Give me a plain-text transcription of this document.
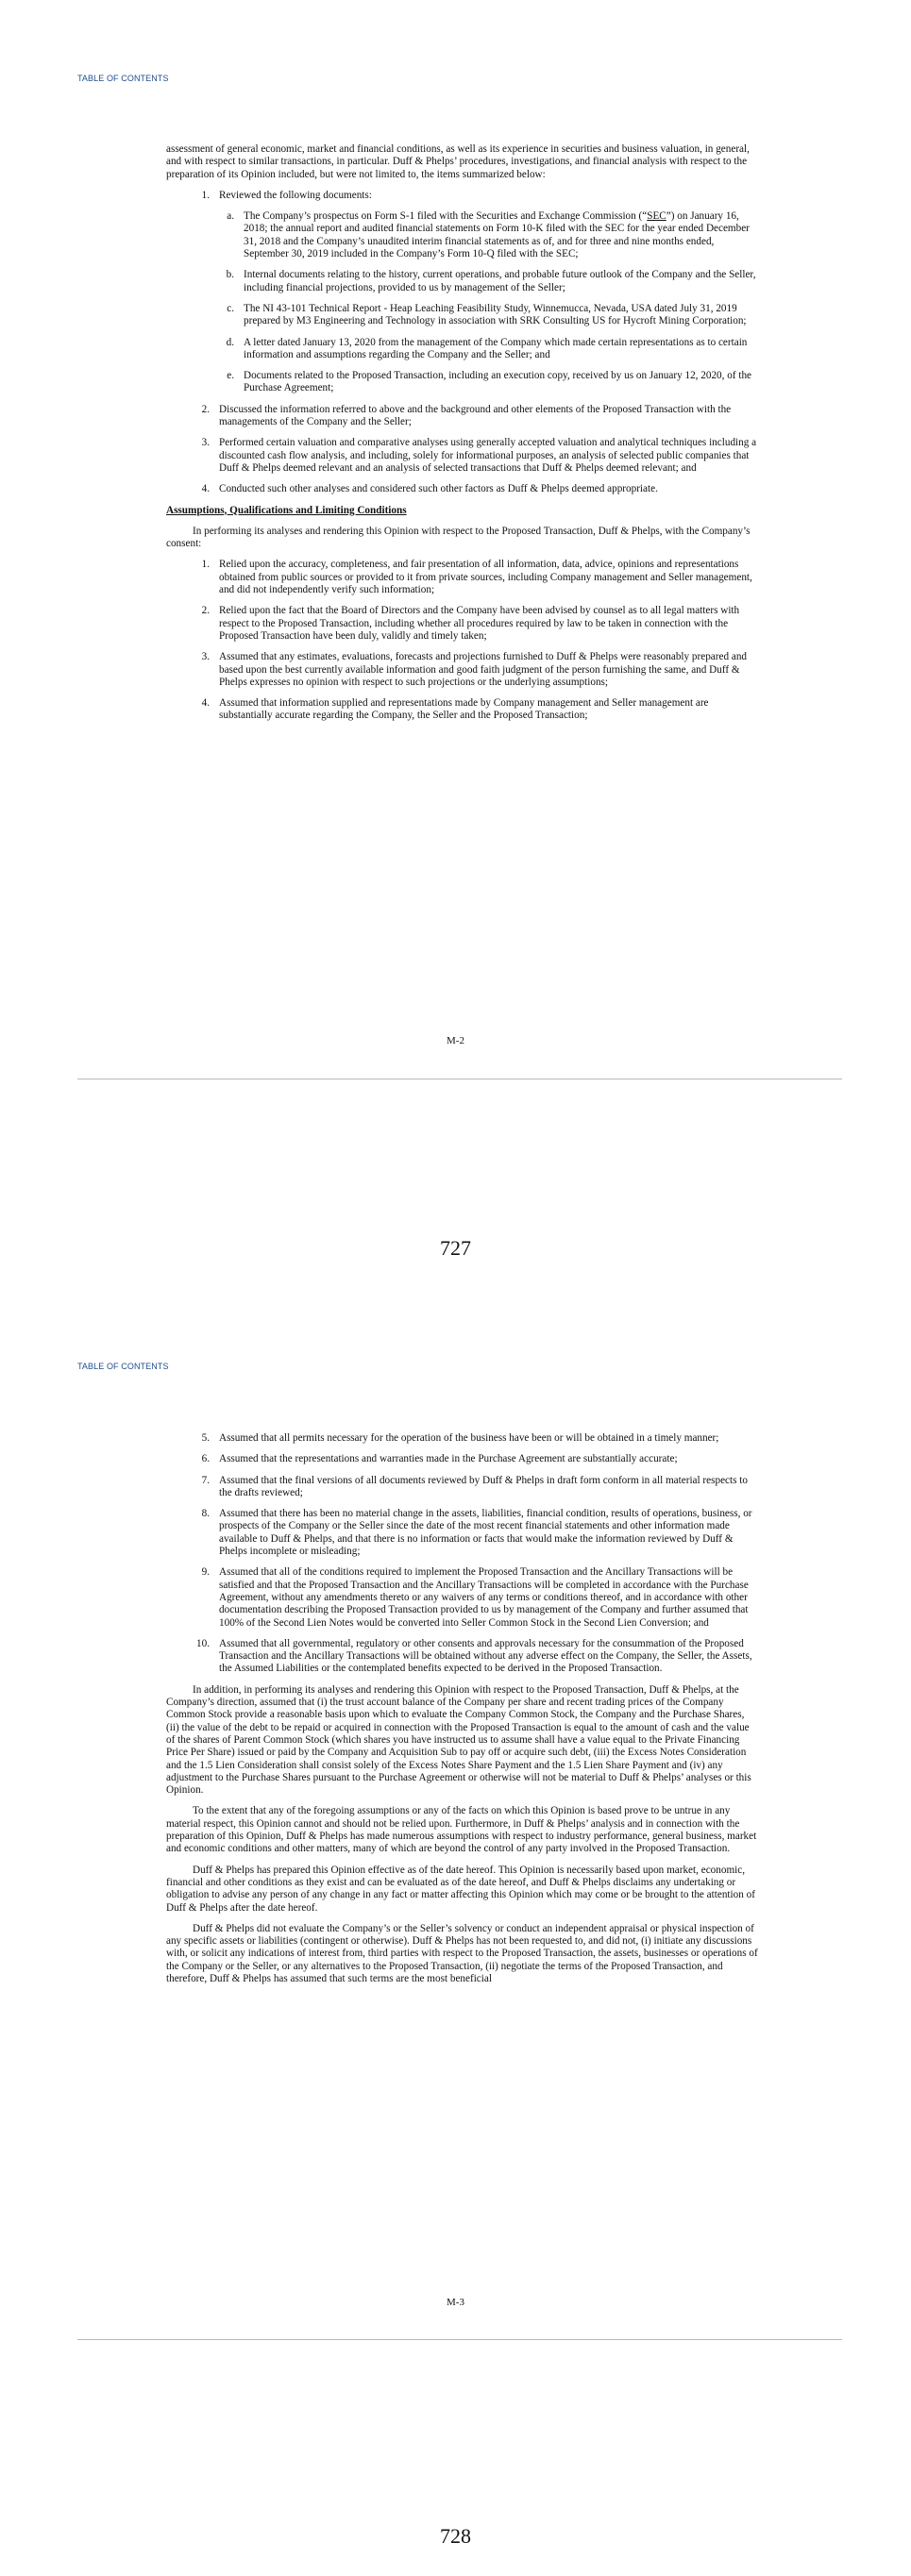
TABLE OF CONTENTS

assessment of general economic, market and financial conditions, as well as its experience in securities and business valuation, in general, and with respect to similar transactions, in particular. Duff & Phelps’ procedures, investigations, and financial analysis with respect to the preparation of its Opinion included, but were not limited to, the items summarized below:

1. Reviewed the following documents:
a. The Company’s prospectus on Form S-1 filed with the Securities and Exchange Commission (“SEC”) on January 16, 2018; the annual report and audited financial statements on Form 10-K filed with the SEC for the year ended December 31, 2018 and the Company’s unaudited interim financial statements as of, and for three and nine months ended, September 30, 2019 included in the Company’s Form 10-Q filed with the SEC;
b. Internal documents relating to the history, current operations, and probable future outlook of the Company and the Seller, including financial projections, provided to us by management of the Seller;
c. The NI 43-101 Technical Report - Heap Leaching Feasibility Study, Winnemucca, Nevada, USA dated July 31, 2019 prepared by M3 Engineering and Technology in association with SRK Consulting US for Hycroft Mining Corporation;
d. A letter dated January 13, 2020 from the management of the Company which made certain representations as to certain information and assumptions regarding the Company and the Seller; and
e. Documents related to the Proposed Transaction, including an execution copy, received by us on January 12, 2020, of the Purchase Agreement;
2. Discussed the information referred to above and the background and other elements of the Proposed Transaction with the managements of the Company and the Seller;
3. Performed certain valuation and comparative analyses using generally accepted valuation and analytical techniques including a discounted cash flow analysis, and including, solely for informational purposes, an analysis of selected public companies that Duff & Phelps deemed relevant and an analysis of selected transactions that Duff & Phelps deemed relevant; and
4. Conducted such other analyses and considered such other factors as Duff & Phelps deemed appropriate.

Assumptions, Qualifications and Limiting Conditions

In performing its analyses and rendering this Opinion with respect to the Proposed Transaction, Duff & Phelps, with the Company’s consent:

1. Relied upon the accuracy, completeness, and fair presentation of all information, data, advice, opinions and representations obtained from public sources or provided to it from private sources, including Company management and Seller management, and did not independently verify such information;
2. Relied upon the fact that the Board of Directors and the Company have been advised by counsel as to all legal matters with respect to the Proposed Transaction, including whether all procedures required by law to be taken in connection with the Proposed Transaction have been duly, validly and timely taken;
3. Assumed that any estimates, evaluations, forecasts and projections furnished to Duff & Phelps were reasonably prepared and based upon the best currently available information and good faith judgment of the person furnishing the same, and Duff & Phelps expresses no opinion with respect to such projections or the underlying assumptions;
4. Assumed that information supplied and representations made by Company management and Seller management are substantially accurate regarding the Company, the Seller and the Proposed Transaction;
M-2
727
TABLE OF CONTENTS
5. Assumed that all permits necessary for the operation of the business have been or will be obtained in a timely manner;
6. Assumed that the representations and warranties made in the Purchase Agreement are substantially accurate;
7. Assumed that the final versions of all documents reviewed by Duff & Phelps in draft form conform in all material respects to the drafts reviewed;
8. Assumed that there has been no material change in the assets, liabilities, financial condition, results of operations, business, or prospects of the Company or the Seller since the date of the most recent financial statements and other information made available to Duff & Phelps, and that there is no information or facts that would make the information reviewed by Duff & Phelps incomplete or misleading;
9. Assumed that all of the conditions required to implement the Proposed Transaction and the Ancillary Transactions will be satisfied and that the Proposed Transaction and the Ancillary Transactions will be completed in accordance with the Purchase Agreement, without any amendments thereto or any waivers of any terms or conditions thereof, and in accordance with other documentation describing the Proposed Transaction provided to us by management of the Company and further assumed that 100% of the Second Lien Notes would be converted into Seller Common Stock in the Second Lien Conversion; and
10. Assumed that all governmental, regulatory or other consents and approvals necessary for the consummation of the Proposed Transaction and the Ancillary Transactions will be obtained without any adverse effect on the Company, the Seller, the Assets, the Assumed Liabilities or the contemplated benefits expected to be derived in the Proposed Transaction.

In addition, in performing its analyses and rendering this Opinion with respect to the Proposed Transaction, Duff & Phelps, at the Company’s direction, assumed that (i) the trust account balance of the Company per share and recent trading prices of the Company Common Stock provide a reasonable basis upon which to evaluate the Company Common Stock, the Company and the Purchase Shares, (ii) the value of the debt to be repaid or acquired in connection with the Proposed Transaction is equal to the amount of cash and the value of the shares of Parent Common Stock (which shares you have instructed us to assume shall have a value equal to the Private Financing Price Per Share) issued or paid by the Company and Acquisition Sub to pay off or acquire such debt, (iii) the Excess Notes Consideration and the 1.5 Lien Consideration shall consist solely of the Excess Notes Share Payment and the 1.5 Lien Share Payment and (iv) any adjustment to the Purchase Shares pursuant to the Purchase Agreement or otherwise will not be material to Duff & Phelps’ analyses or this Opinion.

To the extent that any of the foregoing assumptions or any of the facts on which this Opinion is based prove to be untrue in any material respect, this Opinion cannot and should not be relied upon. Furthermore, in Duff & Phelps’ analysis and in connection with the preparation of this Opinion, Duff & Phelps has made numerous assumptions with respect to industry performance, general business, market and economic conditions and other matters, many of which are beyond the control of any party involved in the Proposed Transaction.

Duff & Phelps has prepared this Opinion effective as of the date hereof. This Opinion is necessarily based upon market, economic, financial and other conditions as they exist and can be evaluated as of the date hereof, and Duff & Phelps disclaims any undertaking or obligation to advise any person of any change in any fact or matter affecting this Opinion which may come or be brought to the attention of Duff & Phelps after the date hereof.

Duff & Phelps did not evaluate the Company’s or the Seller’s solvency or conduct an independent appraisal or physical inspection of any specific assets or liabilities (contingent or otherwise). Duff & Phelps has not been requested to, and did not, (i) initiate any discussions with, or solicit any indications of interest from, third parties with respect to the Proposed Transaction, the assets, businesses or operations of the Company or the Seller, or any alternatives to the Proposed Transaction, (ii) negotiate the terms of the Proposed Transaction, and therefore, Duff & Phelps has assumed that such terms are the most beneficial

M-3
728
